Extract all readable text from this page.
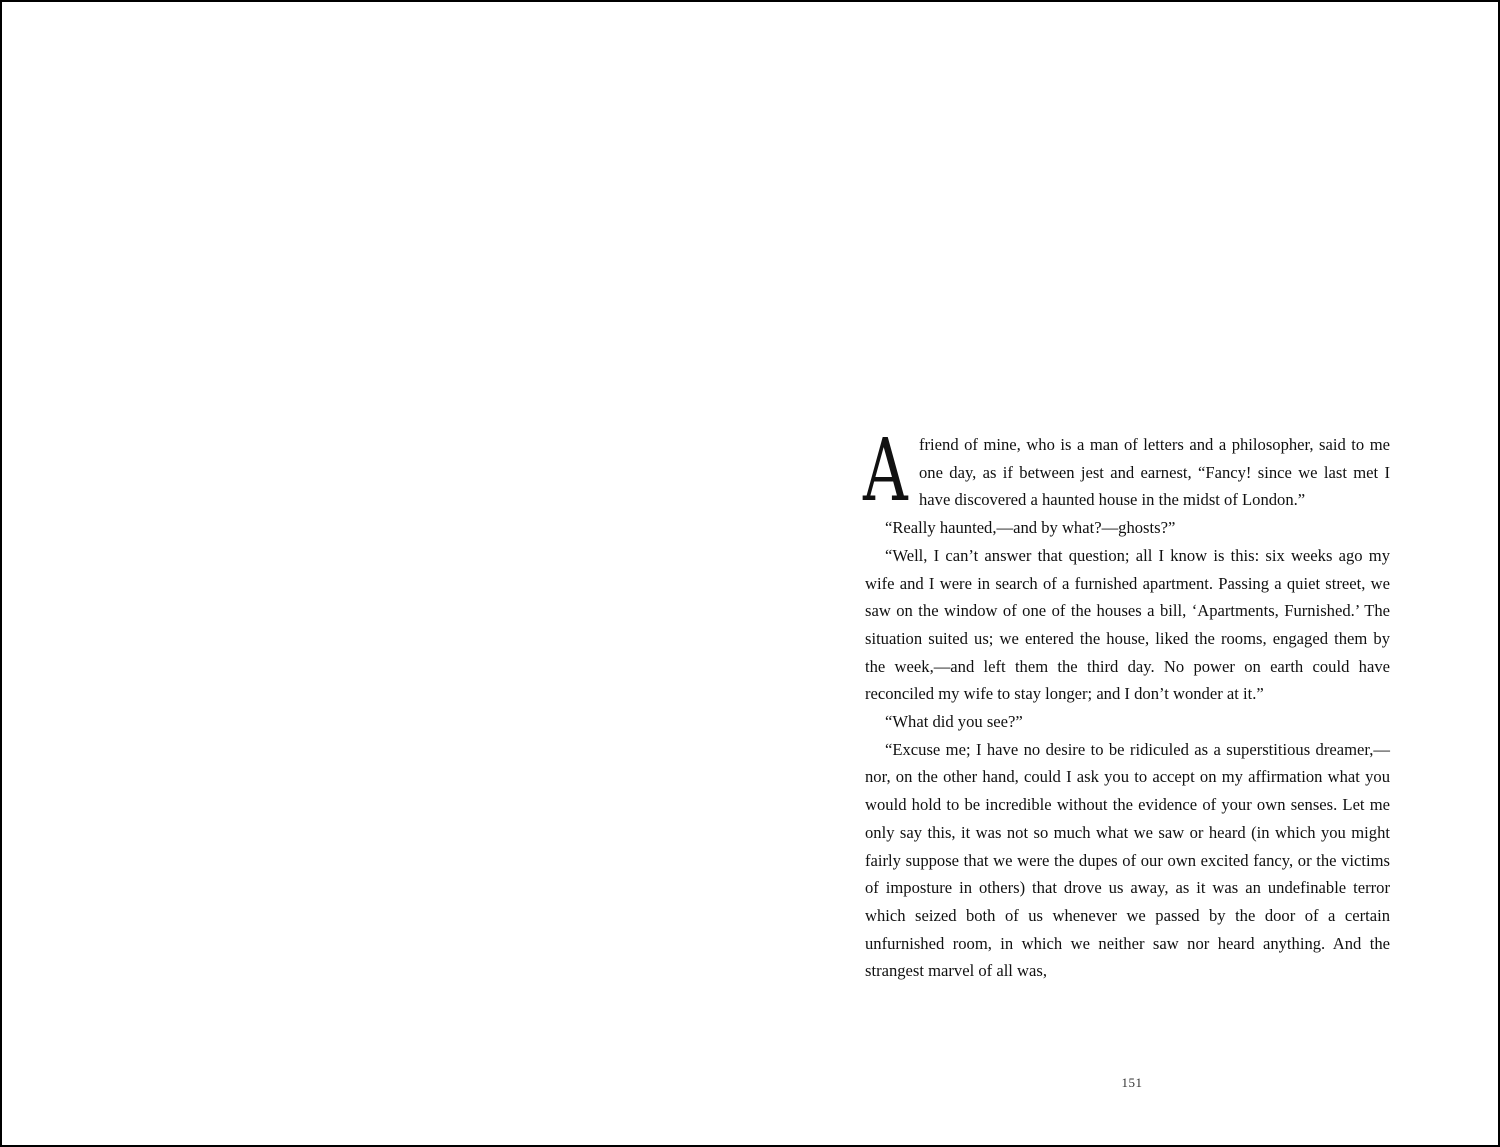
Afriend of mine, who is a man of letters and a philosopher, said to me one day, as if between jest and earnest, “Fancy! since we last met I have discovered a haunted house in the midst of London.”

“Really haunted,—and by what?—ghosts?”

“Well, I can’t answer that question; all I know is this: six weeks ago my wife and I were in search of a furnished apartment. Passing a quiet street, we saw on the window of one of the houses a bill, ‘Apartments, Furnished.’ The situation suited us; we entered the house, liked the rooms, engaged them by the week,—and left them the third day. No power on earth could have reconciled my wife to stay longer; and I don’t wonder at it.”

“What did you see?”

“Excuse me; I have no desire to be ridiculed as a superstitious dreamer,—nor, on the other hand, could I ask you to accept on my affirmation what you would hold to be incredible without the evidence of your own senses. Let me only say this, it was not so much what we saw or heard (in which you might fairly suppose that we were the dupes of our own excited fancy, or the victims of imposture in others) that drove us away, as it was an undefinable terror which seized both of us whenever we passed by the door of a certain unfurnished room, in which we neither saw nor heard anything. And the strangest marvel of all was,

151
